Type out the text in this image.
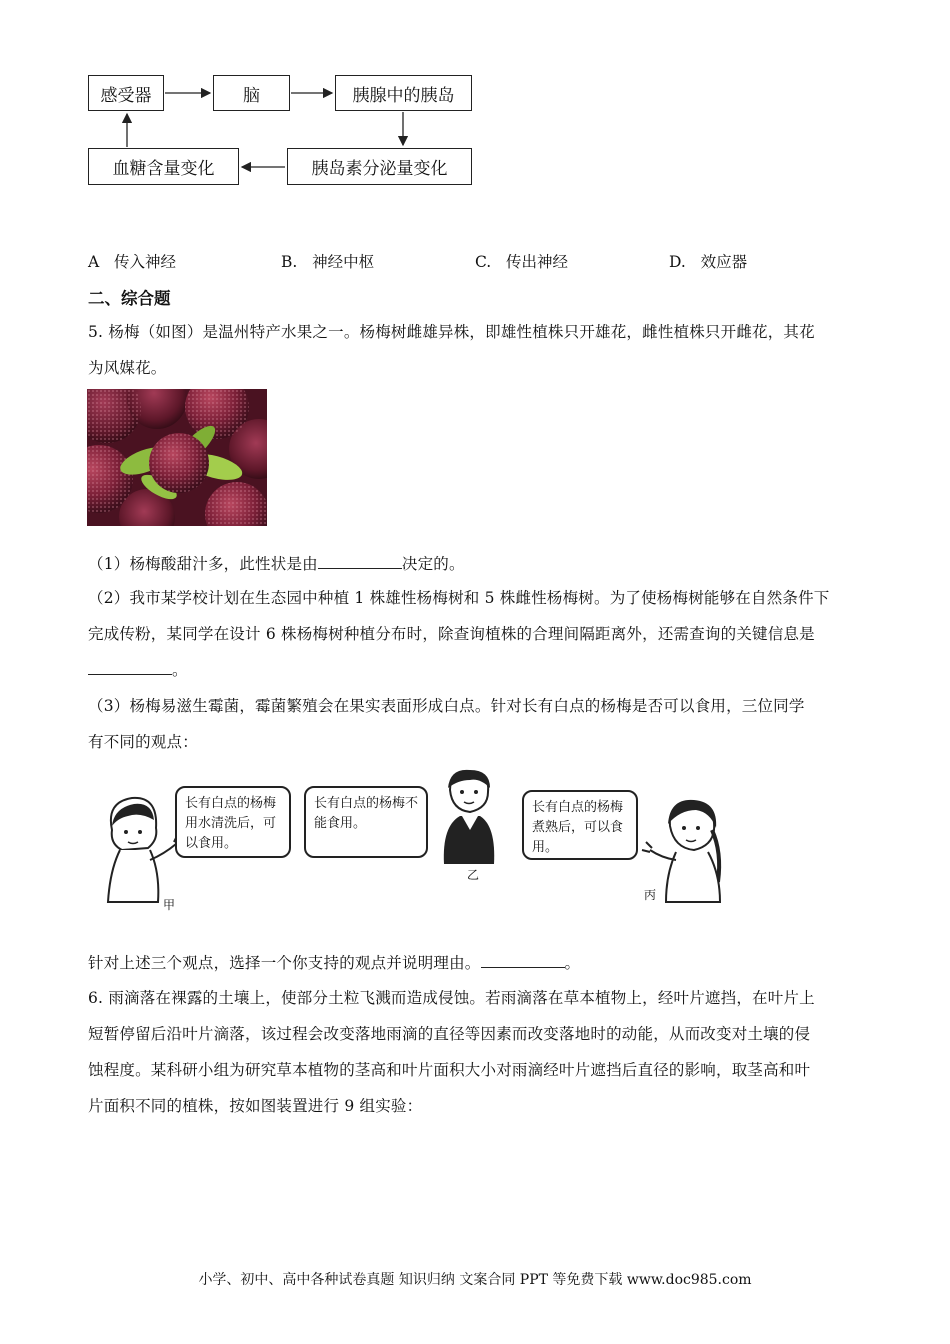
感受器	脑	胰腺中的胰岛
胰岛素分泌量变化
血糖含量变化
A 传入神经	B. 神经中枢	C. 传出神经	D. 效应器
二、综合题
5. 杨梅（如图）是温州特产水果之一。杨梅树雌雄异株，即雄性植株只开雄花，雌性植株只开雌花，其花
为风媒花。
（1）杨梅酸甜汁多，此性状是由	决定的。
（2）我市某学校计划在生态园中种植 1 株雄性杨梅树和 5 株雌性杨梅树。为了使杨梅树能够在自然条件下
完成传粉，某同学在设计 6 株杨梅树种植分布时，除查询植株的合理间隔距离外，还需查询的关键信息是
。
（3）杨梅易滋生霉菌，霉菌繁殖会在果实表面形成白点。针对长有白点的杨梅是否可以食用，三位同学
有不同的观点：
甲
长有白点的杨梅用水清洗后，可以食用。
长有白点的杨梅不能食用。
乙
长有白点的杨梅煮熟后，可以食用。
丙
针对上述三个观点，选择一个你支持的观点并说明理由。	。
6. 雨滴落在裸露的土壤上，使部分土粒飞溅而造成侵蚀。若雨滴落在草本植物上，经叶片遮挡，在叶片上
短暂停留后沿叶片滴落，该过程会改变落地雨滴的直径等因素而改变落地时的动能，从而改变对土壤的侵
蚀程度。某科研小组为研究草本植物的茎高和叶片面积大小对雨滴经叶片遮挡后直径的影响，取茎高和叶
片面积不同的植株，按如图装置进行 9 组实验：
小学、初中、高中各种试卷真题 知识归纳 文案合同 PPT 等免费下载 www.doc985.com
